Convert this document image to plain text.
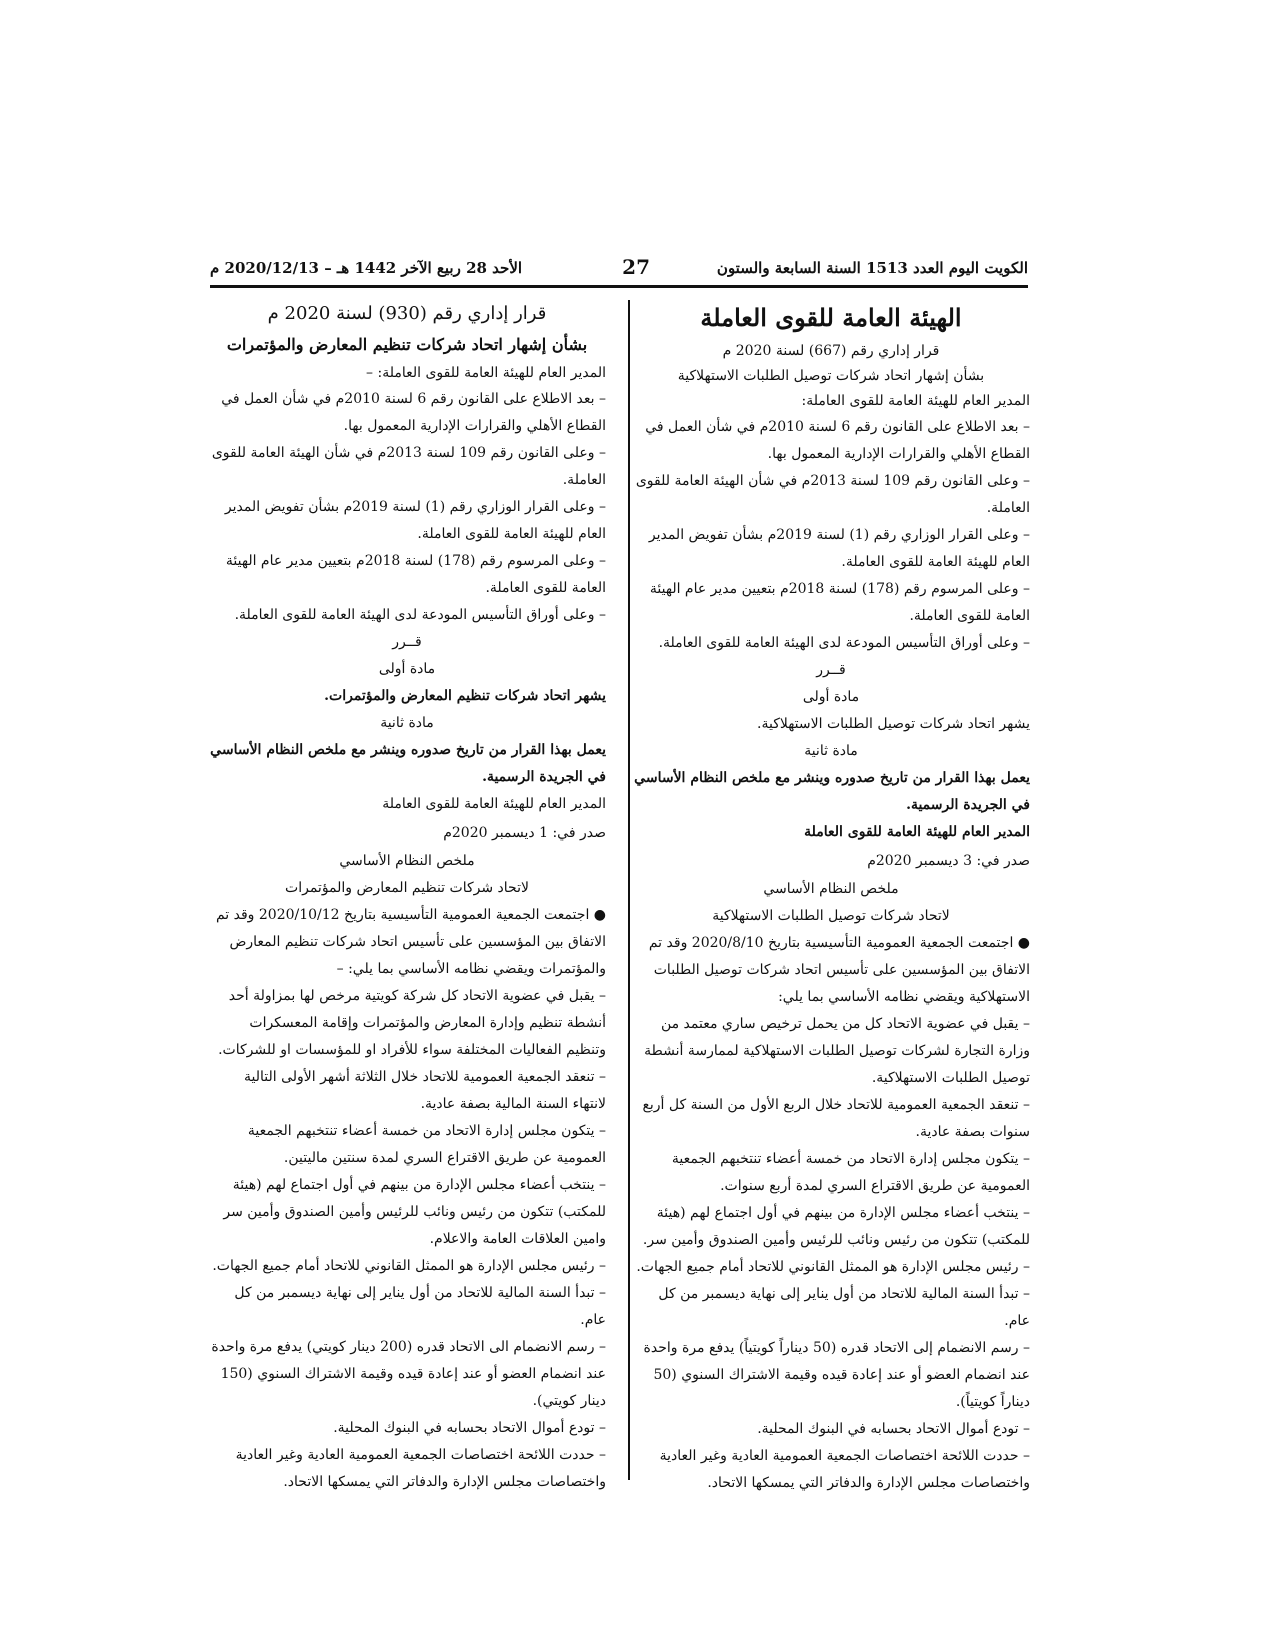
الكويت اليوم العدد 1513 السنة السابعة والستون
27
الأحد 28 ربيع الآخر 1442 هـ – 2020/12/13 م

الهيئة العامة للقوى العاملة

قرار إداري رقم (667) لسنة 2020 م

بشأن إشهار اتحاد شركات توصيل الطلبات الاستهلاكية

المدير العام للهيئة العامة للقوى العاملة:

– بعد الاطلاع على القانون رقم 6 لسنة 2010م في شأن العمل في القطاع الأهلي والقرارات الإدارية المعمول بها.

– وعلى القانون رقم 109 لسنة 2013م في شأن الهيئة العامة للقوى العاملة.

– وعلى القرار الوزاري رقم (1) لسنة 2019م بشأن تفويض المدير العام للهيئة العامة للقوى العاملة.

– وعلى المرسوم رقم (178) لسنة 2018م بتعيين مدير عام الهيئة العامة للقوى العاملة.

– وعلى أوراق التأسيس المودعة لدى الهيئة العامة للقوى العاملة.

قــرر

مادة أولى

يشهر اتحاد شركات توصيل الطلبات الاستهلاكية.

مادة ثانية

يعمل بهذا القرار من تاريخ صدوره وينشر مع ملخص النظام الأساسي في الجريدة الرسمية.

المدير العام للهيئة العامة للقوى العاملة

صدر في: 3 ديسمبر 2020م

ملخص النظام الأساسي

لاتحاد شركات توصيل الطلبات الاستهلاكية

● اجتمعت الجمعية العمومية التأسيسية بتاريخ 2020/8/10 وقد تم الاتفاق بين المؤسسين على تأسيس اتحاد شركات توصيل الطلبات الاستهلاكية ويقضي نظامه الأساسي بما يلي:

– يقبل في عضوية الاتحاد كل من يحمل ترخيص ساري معتمد من وزارة التجارة لشركات توصيل الطلبات الاستهلاكية لممارسة أنشطة توصيل الطلبات الاستهلاكية.

– تنعقد الجمعية العمومية للاتحاد خلال الربع الأول من السنة كل أربع سنوات بصفة عادية.

– يتكون مجلس إدارة الاتحاد من خمسة أعضاء تنتخبهم الجمعية العمومية عن طريق الاقتراع السري لمدة أربع سنوات.

– ينتخب أعضاء مجلس الإدارة من بينهم في أول اجتماع لهم (هيئة للمكتب) تتكون من رئيس ونائب للرئيس وأمين الصندوق وأمين سر.

– رئيس مجلس الإدارة هو الممثل القانوني للاتحاد أمام جميع الجهات.

– تبدأ السنة المالية للاتحاد من أول يناير إلى نهاية ديسمبر من كل عام.

– رسم الانضمام إلى الاتحاد قدره (50 ديناراً كويتياً) يدفع مرة واحدة عند انضمام العضو أو عند إعادة قيده وقيمة الاشتراك السنوي (50 ديناراً كويتياً).

– تودع أموال الاتحاد بحسابه في البنوك المحلية.

– حددت اللائحة اختصاصات الجمعية العمومية العادية وغير العادية واختصاصات مجلس الإدارة والدفاتر التي يمسكها الاتحاد.

قرار إداري رقم (930) لسنة 2020 م

بشأن إشهار اتحاد شركات تنظيم المعارض والمؤتمرات

المدير العام للهيئة العامة للقوى العاملة: –

– بعد الاطلاع على القانون رقم 6 لسنة 2010م في شأن العمل في القطاع الأهلي والقرارات الإدارية المعمول بها.

– وعلى القانون رقم 109 لسنة 2013م في شأن الهيئة العامة للقوى العاملة.

– وعلى القرار الوزاري رقم (1) لسنة 2019م بشأن تفويض المدير العام للهيئة العامة للقوى العاملة.

– وعلى المرسوم رقم (178) لسنة 2018م بتعيين مدير عام الهيئة العامة للقوى العاملة.

– وعلى أوراق التأسيس المودعة لدى الهيئة العامة للقوى العاملة.

قــرر

مادة أولى

يشهر اتحاد شركات تنظيم المعارض والمؤتمرات.

مادة ثانية

يعمل بهذا القرار من تاريخ صدوره وينشر مع ملخص النظام الأساسي في الجريدة الرسمية.

المدير العام للهيئة العامة للقوى العاملة

صدر في: 1 ديسمبر 2020م

ملخص النظام الأساسي

لاتحاد شركات تنظيم المعارض والمؤتمرات

● اجتمعت الجمعية العمومية التأسيسية بتاريخ 2020/10/12 وقد تم الاتفاق بين المؤسسين على تأسيس اتحاد شركات تنظيم المعارض والمؤتمرات ويقضي نظامه الأساسي بما يلي: –

– يقبل في عضوية الاتحاد كل شركة كويتية مرخص لها بمزاولة أحد أنشطة تنظيم وإدارة المعارض والمؤتمرات وإقامة المعسكرات وتنظيم الفعاليات المختلفة سواء للأفراد او للمؤسسات او للشركات.

– تنعقد الجمعية العمومية للاتحاد خلال الثلاثة أشهر الأولى التالية لانتهاء السنة المالية بصفة عادية.

– يتكون مجلس إدارة الاتحاد من خمسة أعضاء تنتخبهم الجمعية العمومية عن طريق الاقتراع السري لمدة سنتين ماليتين.

– ينتخب أعضاء مجلس الإدارة من بينهم في أول اجتماع لهم (هيئة للمكتب) تتكون من رئيس ونائب للرئيس وأمين الصندوق وأمين سر وامين العلاقات العامة والاعلام.

– رئيس مجلس الإدارة هو الممثل القانوني للاتحاد أمام جميع الجهات.

– تبدأ السنة المالية للاتحاد من أول يناير إلى نهاية ديسمبر من كل عام.

– رسم الانضمام الى الاتحاد قدره (200 دينار كويتي) يدفع مرة واحدة عند انضمام العضو أو عند إعادة قيده وقيمة الاشتراك السنوي (150 دينار كويتي).

– تودع أموال الاتحاد بحسابه في البنوك المحلية.

– حددت اللائحة اختصاصات الجمعية العمومية العادية وغير العادية واختصاصات مجلس الإدارة والدفاتر التي يمسكها الاتحاد.
